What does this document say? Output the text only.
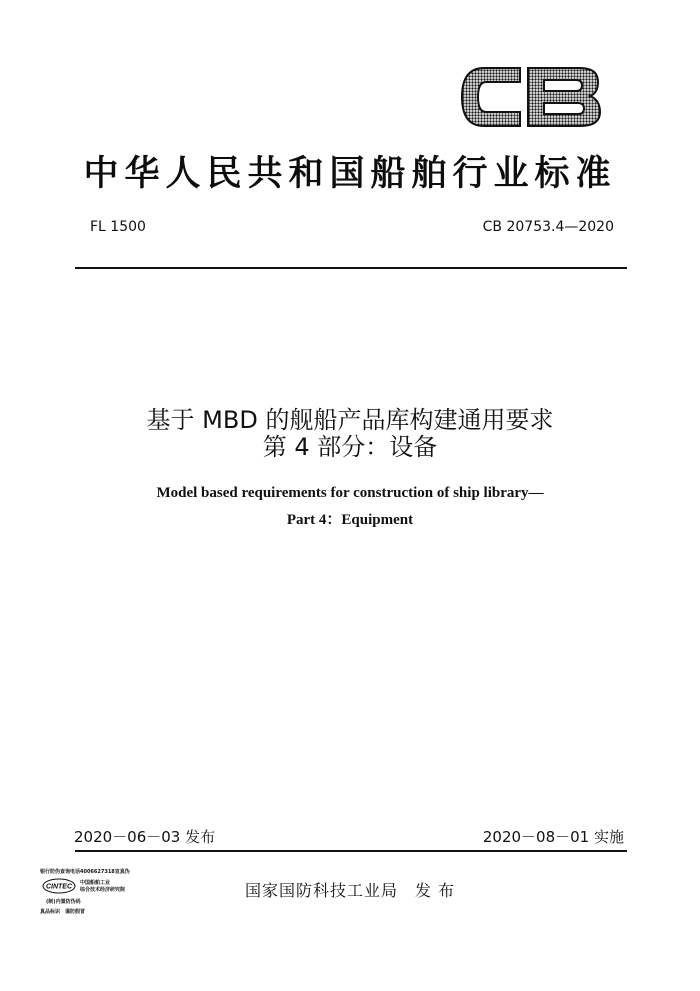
CB
中华人民共和国船舶行业标准
FL 1500	CB 20753.4—2020
基于 MBD 的舰船产品库构建通用要求
第 4 部分：设备
Model based requirements for construction of ship library—
Part 4：Equipment
2020－06－03 发布	2020－08－01 实施
国家国防科技工业局　发 布
银行防伪查询电话4006627318宣真伪
CINTEC
中国船舶工业
综合技术经济研究院
(制)内置防伪码
真品标识　谨防假冒
